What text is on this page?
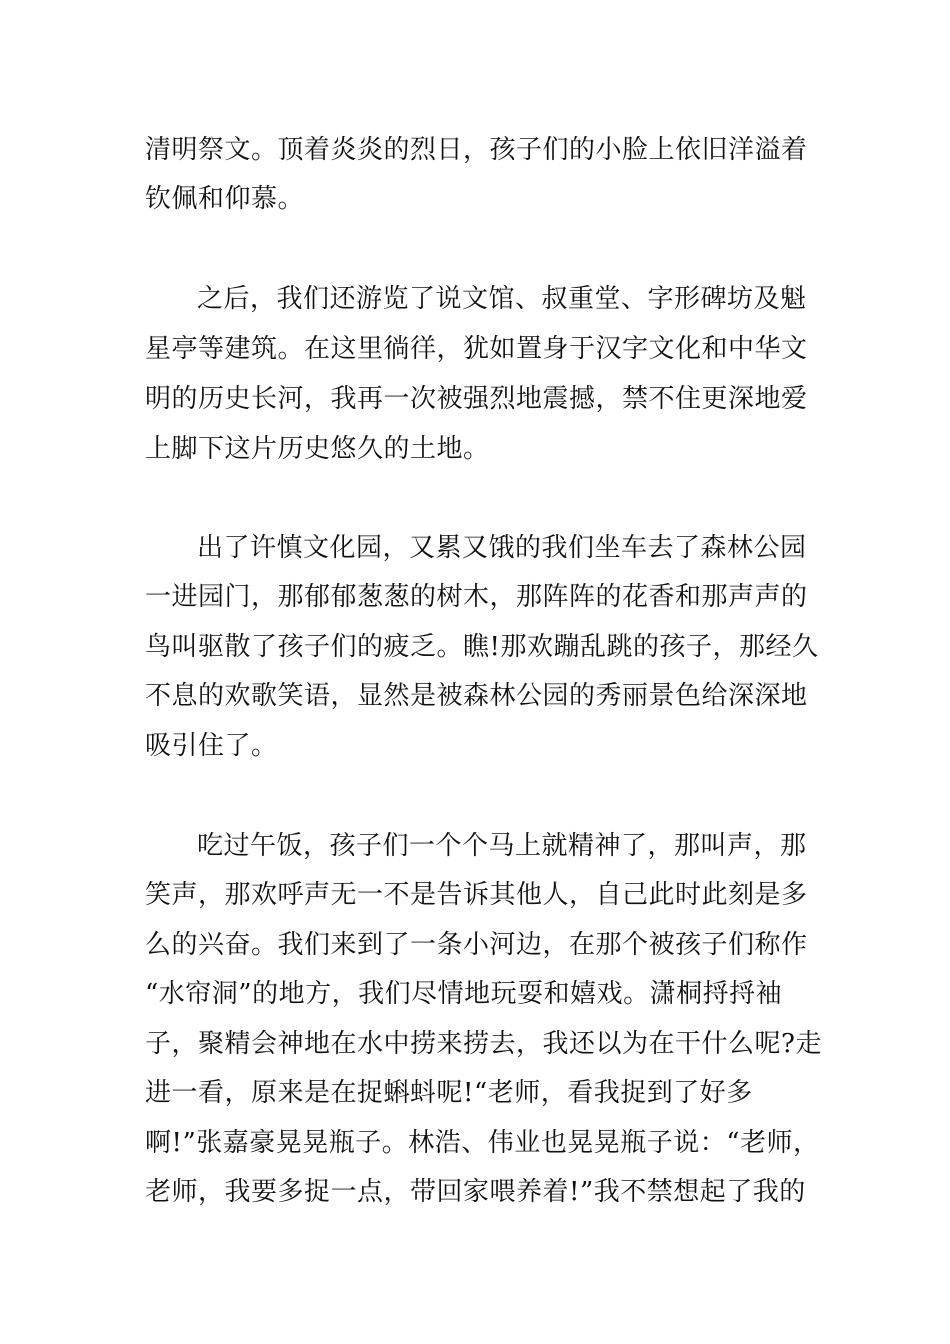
清明祭文。顶着炎炎的烈日，孩子们的小脸上依旧洋溢着
钦佩和仰慕。
之后，我们还游览了说文馆、叔重堂、字形碑坊及魁
星亭等建筑。在这里徜徉，犹如置身于汉字文化和中华文
明的历史长河，我再一次被强烈地震撼，禁不住更深地爱
上脚下这片历史悠久的土地。
出了许慎文化园，又累又饿的我们坐车去了森林公园
一进园门，那郁郁葱葱的树木，那阵阵的花香和那声声的
鸟叫驱散了孩子们的疲乏。瞧!那欢蹦乱跳的孩子，那经久
不息的欢歌笑语，显然是被森林公园的秀丽景色给深深地
吸引住了。
吃过午饭，孩子们一个个马上就精神了，那叫声，那
笑声，那欢呼声无一不是告诉其他人，自己此时此刻是多
么的兴奋。我们来到了一条小河边，在那个被孩子们称作
“水帘洞”的地方，我们尽情地玩耍和嬉戏。潇桐捋捋袖
子，聚精会神地在水中捞来捞去，我还以为在干什么呢?走
进一看，原来是在捉蝌蚪呢!“老师，看我捉到了好多
啊!”张嘉豪晃晃瓶子。林浩、伟业也晃晃瓶子说：“老师，
老师，我要多捉一点，带回家喂养着!”我不禁想起了我的
